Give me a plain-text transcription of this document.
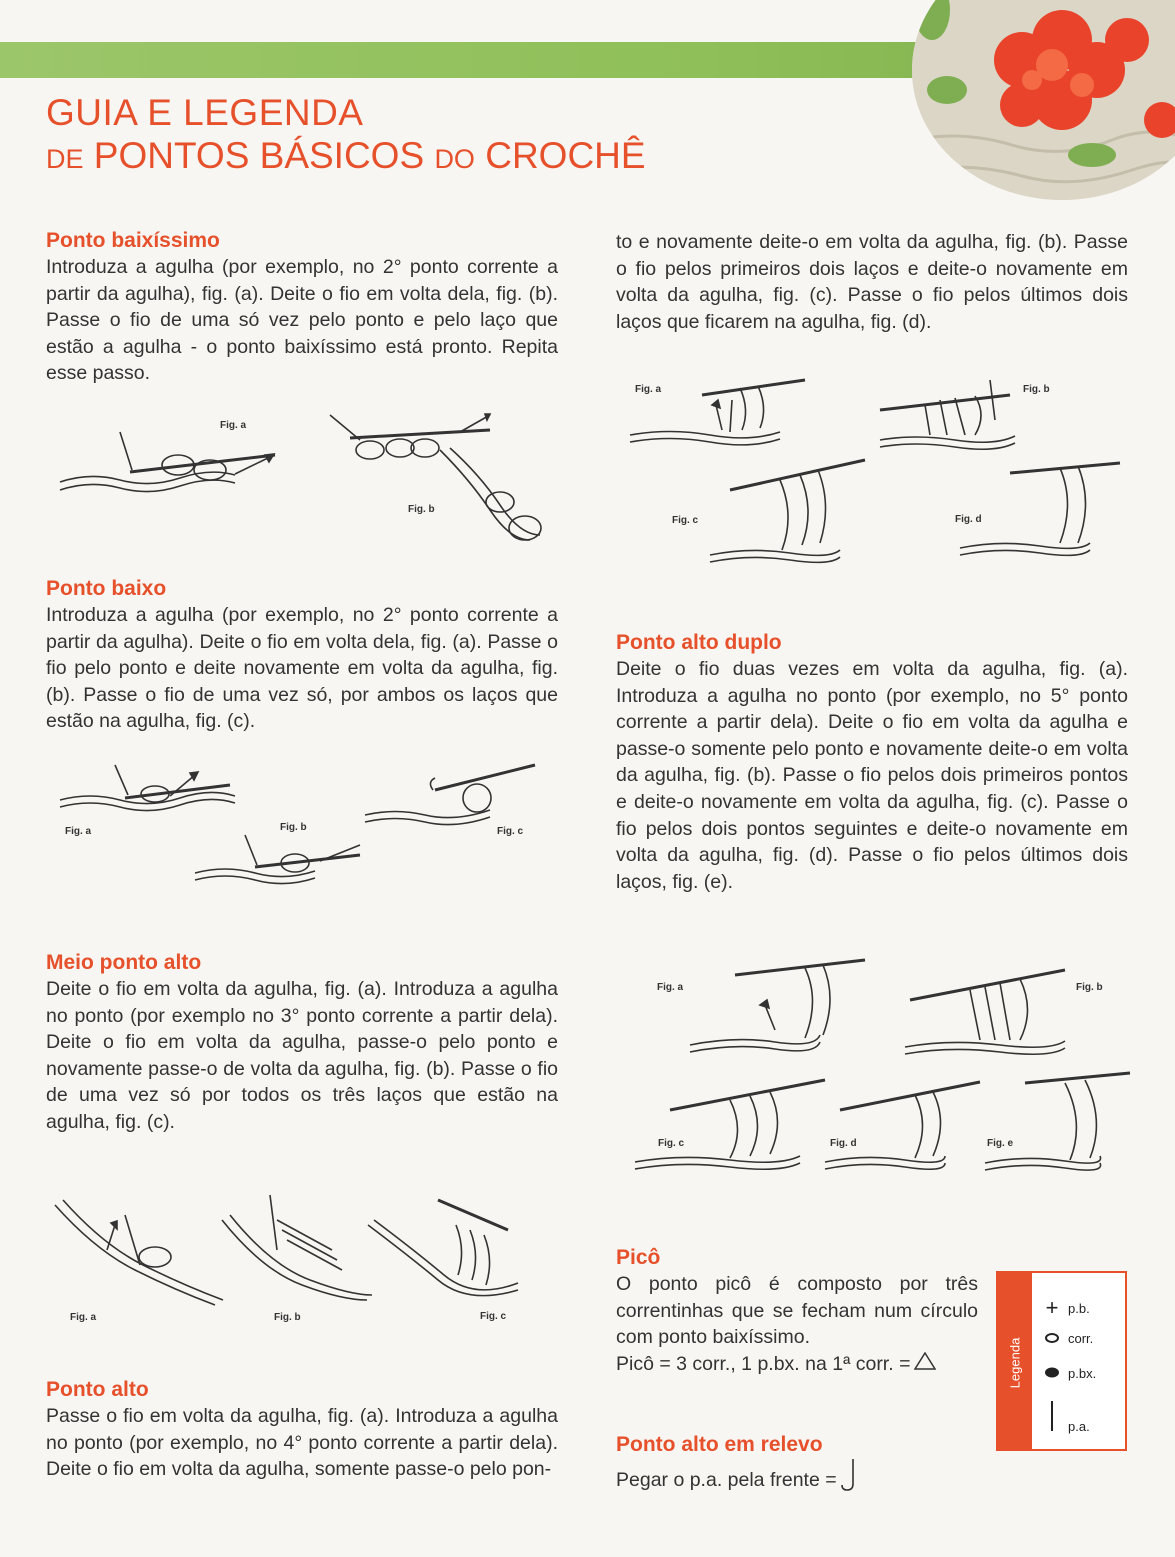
GUIA E LEGENDA
DE PONTOS BÁSICOS DO CROCHÊ
Ponto baixíssimo

Introduza a agulha (por exemplo, no 2° ponto corrente a partir da agulha), fig. (a). Deite o fio em volta dela, fig. (b). Passe o fio de uma só vez pelo ponto e pelo laço que estão a agulha - o ponto baixíssimo está pronto. Repita esse passo.

Fig. a
Fig. b
Ponto baixo

Introduza a agulha (por exemplo, no 2° ponto corrente a partir da agulha). Deite o fio em volta dela, fig. (a). Passe o fio pelo ponto e deite novamente em volta da agulha, fig. (b). Passe o fio de uma vez só, por ambos os laços que estão na agulha, fig. (c).

Fig. a	Fig. b	Fig. c
Meio ponto alto

Deite o fio em volta da agulha, fig. (a). Introduza a agulha no ponto (por exemplo no 3° ponto corrente a partir dela). Deite o fio em volta da agulha, passe-o pelo ponto e novamente passe-o de volta da agulha, fig. (b). Passe o fio de uma vez só por todos os três laços que estão na agulha, fig. (c).

Fig. a	Fig. b	Fig. c
Ponto alto

Passe o fio em volta da agulha, fig. (a). Introduza a agulha no ponto (por exemplo, no 4° ponto corrente a partir dela). Deite o fio em volta da agulha, somente passe-o pelo pon-

to e novamente deite-o em volta da agulha, fig. (b). Passe o fio pelos primeiros dois laços e deite-o novamente em volta da agulha, fig. (c). Passe o fio pelos últimos dois laços que ficarem na agulha, fig. (d).

Fig. a	Fig. b
Fig. c	Fig. d
Ponto alto duplo

Deite o fio duas vezes em volta da agulha, fig. (a). Introduza a agulha no ponto (por exemplo, no 5° ponto corrente a partir dela). Deite o fio em volta da agulha e passe-o somente pelo ponto e novamente deite-o em volta da agulha, fig. (b). Passe o fio pelos dois primeiros pontos e deite-o novamente em volta da agulha, fig. (c). Passe o fio pelos dois pontos seguintes e deite-o novamente em volta da agulha, fig. (d). Passe o fio pelos últimos dois laços, fig. (e).

Fig. a	Fig. b
Fig. c	Fig. d	Fig. e
Picô

O ponto picô é composto por três correntinhas que se fecham num círculo com ponto baixíssimo.

Picô = 3 corr., 1 p.bx. na 1ª corr. =

Ponto alto em relevo

Pegar o p.a. pela frente =

Legenda
+ p.b.
corr.
p.bx.
p.a.
